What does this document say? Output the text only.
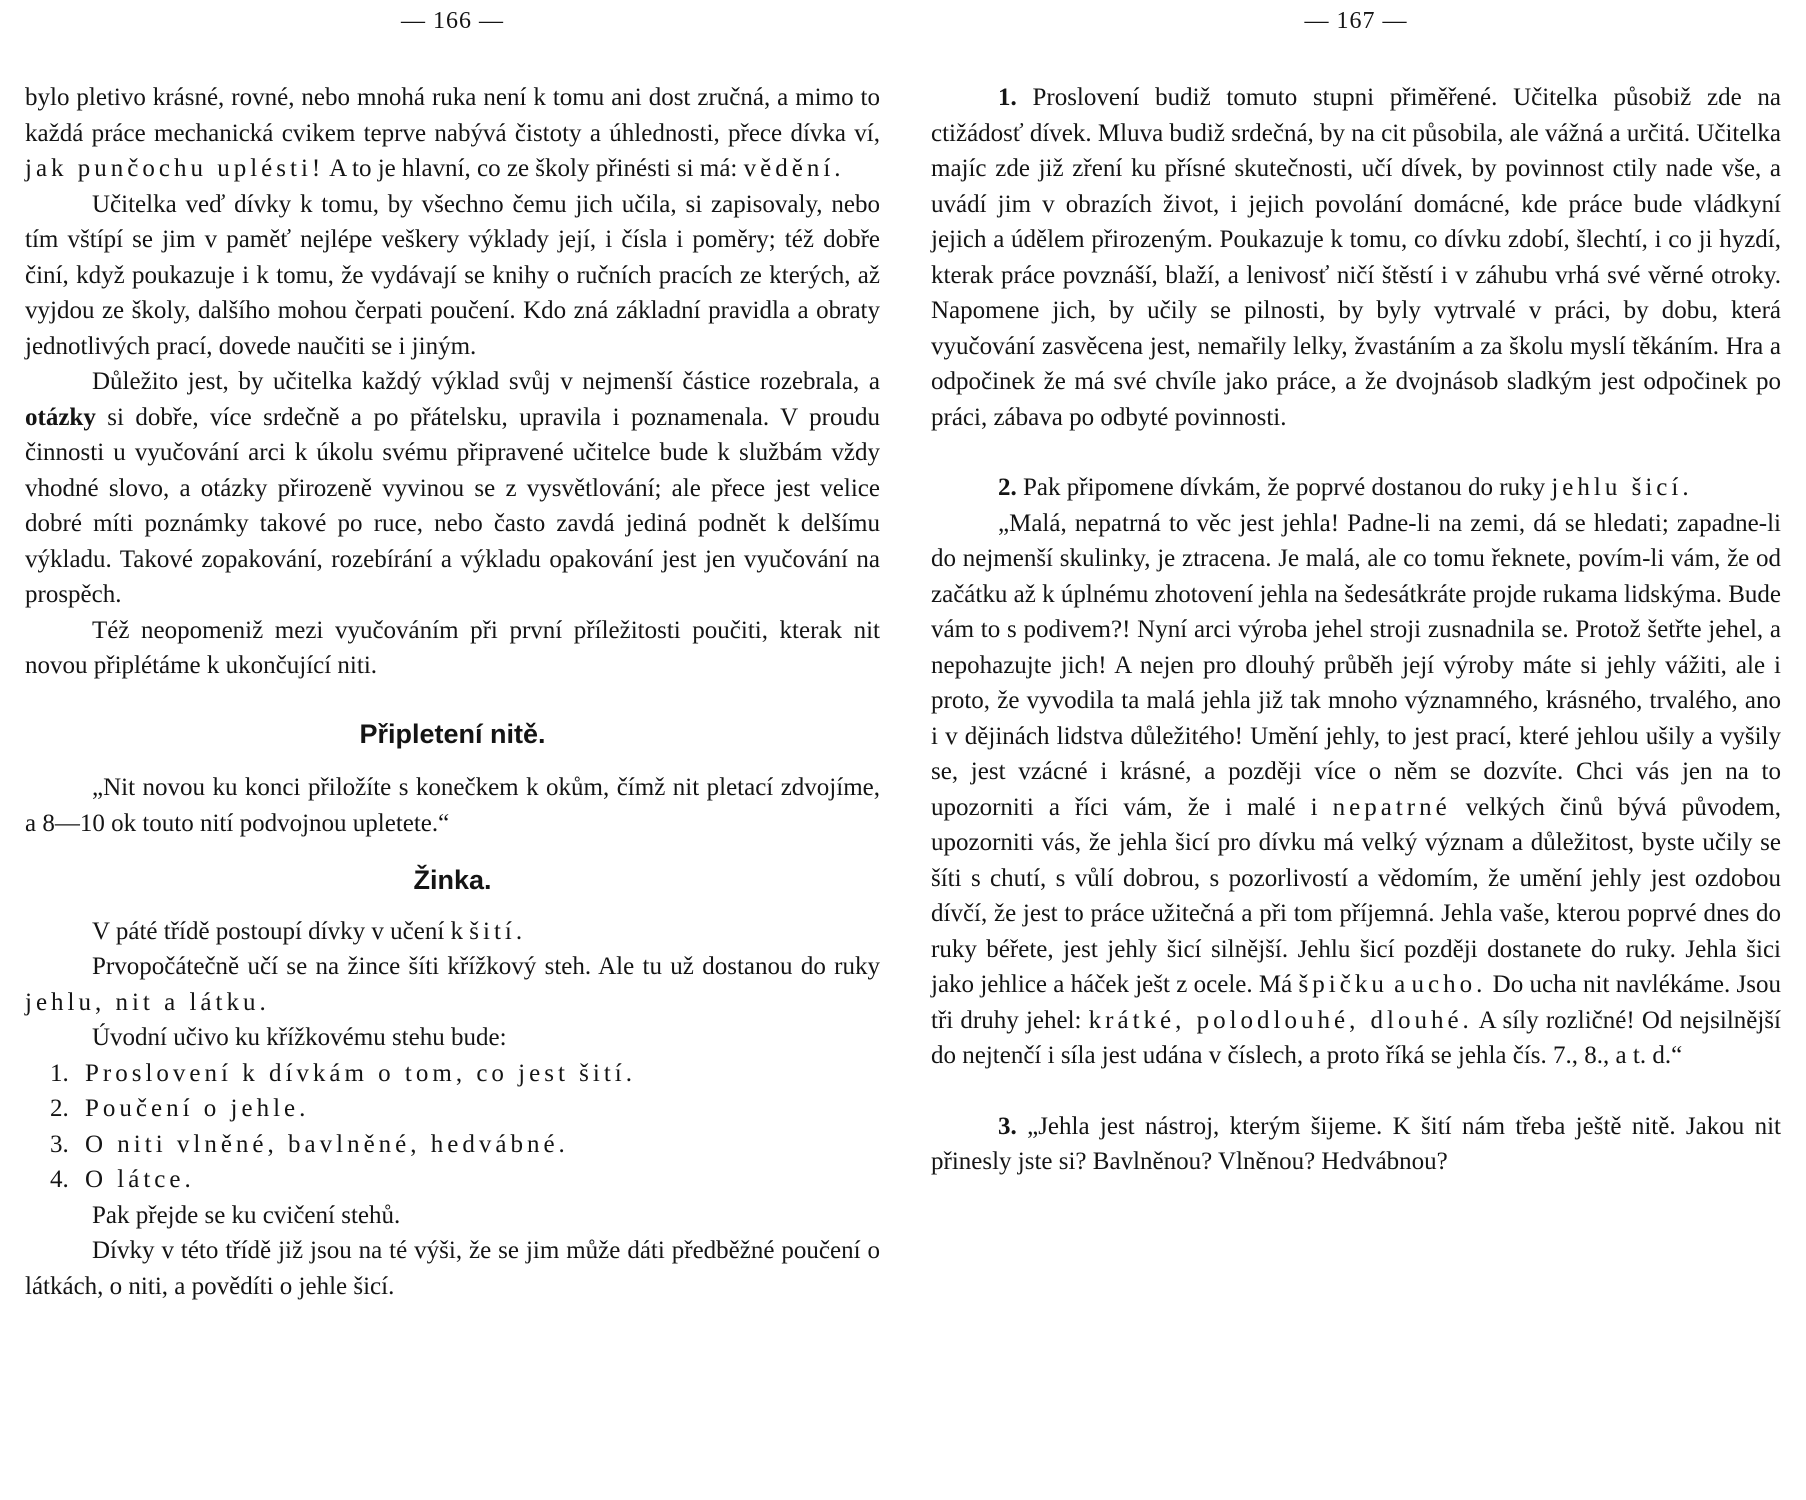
— 166 —

bylo pletivo krásné, rovné, nebo mnohá ruka není k tomu ani dost zručná, a mimo to každá práce mechanická cvikem teprve nabývá čistoty a úhlednosti, přece dívka ví, jak punčochu uplésti! A to je hlavní, co ze školy přinésti si má: vědění.

Učitelka veď dívky k tomu, by všechno čemu jich učila, si zapisovaly, nebo tím vštípí se jim v paměť nejlépe veškery výklady její, i čísla i poměry; též dobře činí, když poukazuje i k tomu, že vydávají se knihy o ručních pracích ze kterých, až vyjdou ze školy, dalšího mohou čerpati poučení. Kdo zná základní pravidla a obraty jednotlivých prací, dovede naučiti se i jiným.

Důležito jest, by učitelka každý výklad svůj v nejmenší částice rozebrala, a otázky si dobře, více srdečně a po přátelsku, upravila i poznamenala. V proudu činnosti u vyučování arci k úkolu svému připravené učitelce bude k službám vždy vhodné slovo, a otázky přirozeně vyvinou se z vysvětlování; ale přece jest velice dobré míti poznámky takové po ruce, nebo často zavdá jediná podnět k delšímu výkladu. Takové zopakování, rozebírání a výkladu opakování jest jen vyučování na prospěch.

Též neopomeniž mezi vyučováním při první příležitosti poučiti, kterak nit novou připlétáme k ukončující niti.

Připletení nitě.

„Nit novou ku konci přiložíte s konečkem k okům, čímž nit pletací zdvojíme, a 8—10 ok touto nití podvojnou upletete.“

Žinka.

V páté třídě postoupí dívky v učení k šití.

Prvopočátečně učí se na žince šíti křížkový steh. Ale tu už dostanou do ruky jehlu, nit a látku.

Úvodní učivo ku křížkovému stehu bude:

1. Proslovení k dívkám o tom, co jest šití.
2. Poučení o jehle.
3. O niti vlněné, bavlněné, hedvábné.
4. O látce.

Pak přejde se ku cvičení stehů.

Dívky v této třídě již jsou na té výši, že se jim může dáti předběžné poučení o látkách, o niti, a povědíti o jehle šicí.

— 167 —

1. Proslovení budiž tomuto stupni přiměřené. Učitelka působiž zde na ctižádosť dívek. Mluva budiž srdečná, by na cit působila, ale vážná a určitá. Učitelka majíc zde již zření ku přísné skutečnosti, učí dívek, by povinnost ctily nade vše, a uvádí jim v obrazích život, i jejich povolání domácné, kde práce bude vládkyní jejich a údělem přirozeným. Poukazuje k tomu, co dívku zdobí, šlechtí, i co ji hyzdí, kterak práce povznáší, blaží, a lenivosť ničí štěstí i v záhubu vrhá své věrné otroky. Napomene jich, by učily se pilnosti, by byly vytrvalé v práci, by dobu, která vyučování zasvěcena jest, nemařily lelky, žvastáním a za školu myslí těkáním. Hra a odpočinek že má své chvíle jako práce, a že dvojnásob sladkým jest odpočinek po práci, zábava po odbyté povinnosti.

2. Pak připomene dívkám, že poprvé dostanou do ruky jehlu šicí.

„Malá, nepatrná to věc jest jehla! Padne-li na zemi, dá se hledati; zapadne-li do nejmenší skulinky, je ztracena. Je malá, ale co tomu řeknete, povím-li vám, že od začátku až k úplnému zhotovení jehla na šedesátkráte projde rukama lidskýma. Bude vám to s podivem?! Nyní arci výroba jehel stroji zusnadnila se. Protož šetřte jehel, a nepohazujte jich! A nejen pro dlouhý průběh její výroby máte si jehly vážiti, ale i proto, že vyvodila ta malá jehla již tak mnoho významného, krásného, trvalého, ano i v dějinách lidstva důležitého! Umění jehly, to jest prací, které jehlou ušily a vyšily se, jest vzácné i krásné, a později více o něm se dozvíte. Chci vás jen na to upozorniti a říci vám, že i malé i nepatrné velkých činů bývá původem, upozorniti vás, že jehla šicí pro dívku má velký význam a důležitost, byste učily se šíti s chutí, s vůlí dobrou, s pozorlivostí a vědomím, že umění jehly jest ozdobou dívčí, že jest to práce užitečná a při tom příjemná. Jehla vaše, kterou poprvé dnes do ruky béřete, jest jehly šicí silnější. Jehlu šicí později dostanete do ruky. Jehla šici jako jehlice a háček ješt z ocele. Má špičku a ucho. Do ucha nit navlékáme. Jsou tři druhy jehel: krátké, polodlouhé, dlouhé. A síly rozličné! Od nejsilnější do nejtenčí i síla jest udána v číslech, a proto říká se jehla čís. 7., 8., a t. d.“

3. „Jehla jest nástroj, kterým šijeme. K šití nám třeba ještě nitě. Jakou nit přinesly jste si? Bavlněnou? Vlněnou? Hedvábnou?
